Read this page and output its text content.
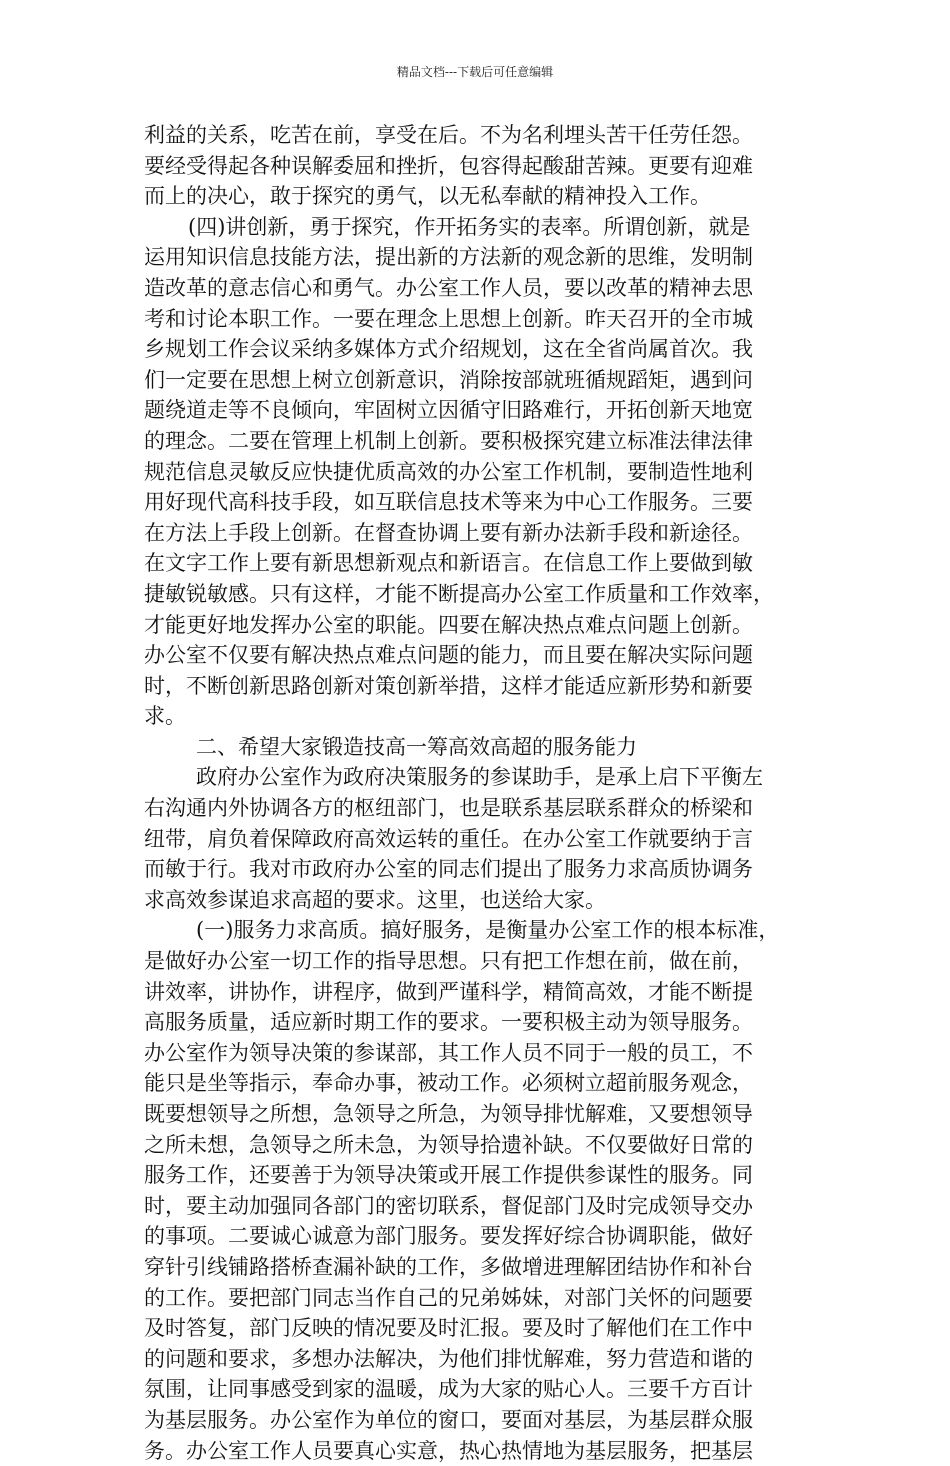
精品文档---下载后可任意编辑
利益的关系，吃苦在前，享受在后。不为名利埋头苦干任劳任怨。
要经受得起各种误解委屈和挫折，包容得起酸甜苦辣。更要有迎难
而上的决心，敢于探究的勇气，以无私奉献的精神投入工作。
(四)讲创新，勇于探究，作开拓务实的表率。所谓创新，就是
运用知识信息技能方法，提出新的方法新的观念新的思维，发明制
造改革的意志信心和勇气。办公室工作人员，要以改革的精神去思
考和讨论本职工作。一要在理念上思想上创新。昨天召开的全市城
乡规划工作会议采纳多媒体方式介绍规划，这在全省尚属首次。我
们一定要在思想上树立创新意识，消除按部就班循规蹈矩，遇到问
题绕道走等不良倾向，牢固树立因循守旧路难行，开拓创新天地宽
的理念。二要在管理上机制上创新。要积极探究建立标准法律法律
规范信息灵敏反应快捷优质高效的办公室工作机制，要制造性地利
用好现代高科技手段，如互联信息技术等来为中心工作服务。三要
在方法上手段上创新。在督查协调上要有新办法新手段和新途径。
在文字工作上要有新思想新观点和新语言。在信息工作上要做到敏
捷敏锐敏感。只有这样，才能不断提高办公室工作质量和工作效率，
才能更好地发挥办公室的职能。四要在解决热点难点问题上创新。
办公室不仅要有解决热点难点问题的能力，而且要在解决实际问题
时，不断创新思路创新对策创新举措，这样才能适应新形势和新要
求。
二、希望大家锻造技高一筹高效高超的服务能力
政府办公室作为政府决策服务的参谋助手，是承上启下平衡左
右沟通内外协调各方的枢纽部门，也是联系基层联系群众的桥梁和
纽带，肩负着保障政府高效运转的重任。在办公室工作就要纳于言
而敏于行。我对市政府办公室的同志们提出了服务力求高质协调务
求高效参谋追求高超的要求。这里，也送给大家。
(一)服务力求高质。搞好服务，是衡量办公室工作的根本标准，
是做好办公室一切工作的指导思想。只有把工作想在前，做在前，
讲效率，讲协作，讲程序，做到严谨科学，精简高效，才能不断提
高服务质量，适应新时期工作的要求。一要积极主动为领导服务。
办公室作为领导决策的参谋部，其工作人员不同于一般的员工，不
能只是坐等指示，奉命办事，被动工作。必须树立超前服务观念，
既要想领导之所想，急领导之所急，为领导排忧解难，又要想领导
之所未想，急领导之所未急，为领导拾遗补缺。不仅要做好日常的
服务工作，还要善于为领导决策或开展工作提供参谋性的服务。同
时，要主动加强同各部门的密切联系，督促部门及时完成领导交办
的事项。二要诚心诚意为部门服务。要发挥好综合协调职能，做好
穿针引线铺路搭桥查漏补缺的工作，多做增进理解团结协作和补台
的工作。要把部门同志当作自己的兄弟姊妹，对部门关怀的问题要
及时答复，部门反映的情况要及时汇报。要及时了解他们在工作中
的问题和要求，多想办法解决，为他们排忧解难，努力营造和谐的
氛围，让同事感受到家的温暖，成为大家的贴心人。三要千方百计
为基层服务。办公室作为单位的窗口，要面对基层，为基层群众服
务。办公室工作人员要真心实意，热心热情地为基层服务，把基层
